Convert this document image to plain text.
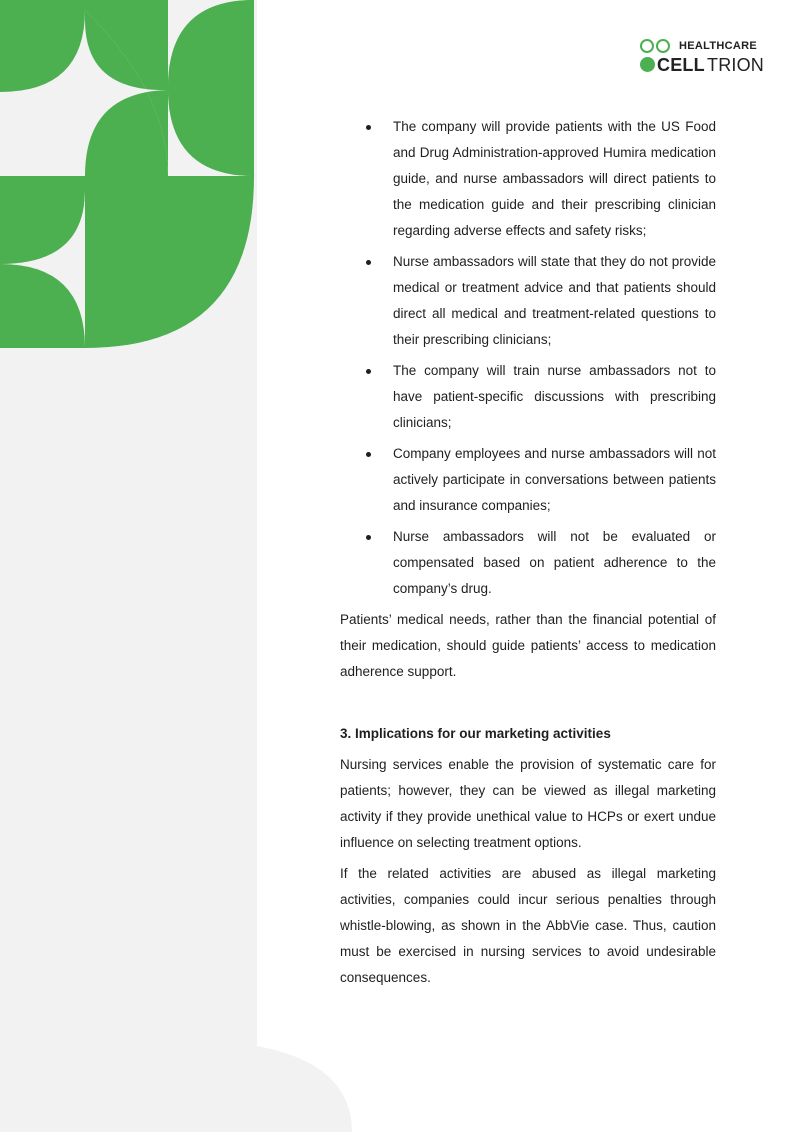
HEALTHCARE
CELL TRION
The company will provide patients with the US Food and Drug Administration-approved Humira medication guide, and nurse ambassadors will direct patients to the medication guide and their prescribing clinician regarding adverse effects and safety risks;
Nurse ambassadors will state that they do not provide medical or treatment advice and that patients should direct all medical and treatment-related questions to their prescribing clinicians;
The company will train nurse ambassadors not to have patient-specific discussions with prescribing clinicians;
Company employees and nurse ambassadors will not actively participate in conversations between patients and insurance companies;
Nurse ambassadors will not be evaluated or compensated based on patient adherence to the company’s drug.

Patients’ medical needs, rather than the financial potential of their medication, should guide patients’ access to medication adherence support.

3. Implications for our marketing activities

Nursing services enable the provision of systematic care for patients; however, they can be viewed as illegal marketing activity if they provide unethical value to HCPs or exert undue influence on selecting treatment options.

If the related activities are abused as illegal marketing activities, companies could incur serious penalties through whistle-blowing, as shown in the AbbVie case. Thus, caution must be exercised in nursing services to avoid undesirable consequences.
